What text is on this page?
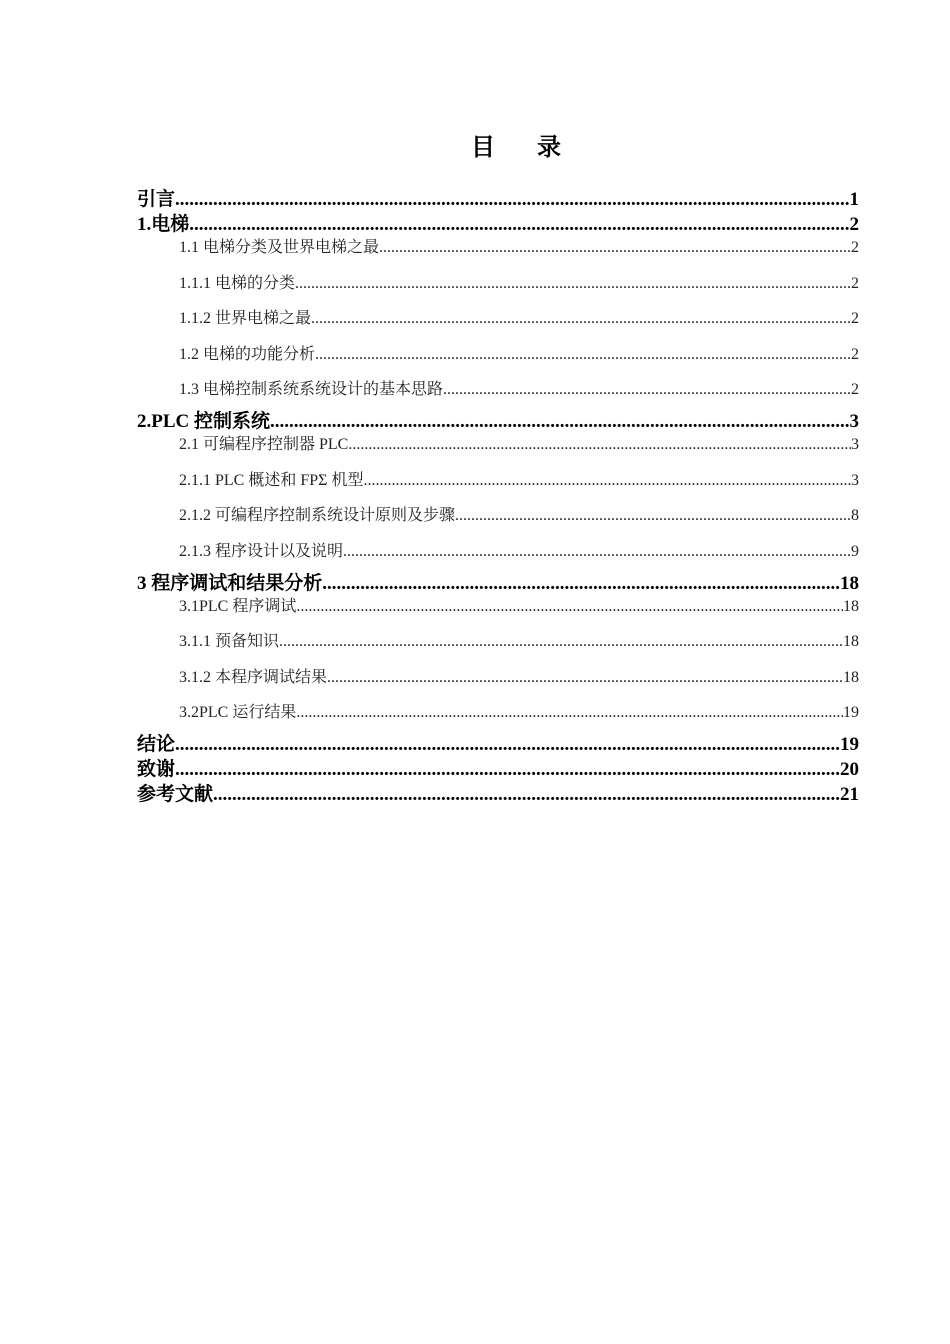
目 录
引言 .....	1
1.电梯 .....	2
1.1 电梯分类及世界电梯之最 .....	2
1.1.1 电梯的分类 .....	2
1.1.2 世界电梯之最 .....	2
1.2 电梯的功能分析 .....	2
1.3 电梯控制系统系统设计的基本思路 .....	2
2.PLC 控制系统 .....	3
2.1 可编程序控制器 PLC .....	3
2.1.1 PLC 概述和 FPΣ 机型 .....	3
2.1.2 可编程序控制系统设计原则及步骤 .....	8
2.1.3 程序设计以及说明 .....	9
3 程序调试和结果分析 .....	18
3.1PLC 程序调试 .....	18
3.1.1 预备知识 .....	18
3.1.2 本程序调试结果 .....	18
3.2PLC 运行结果 .....	19
结论 .....	19
致谢 .....	20
参考文献 .....	21
